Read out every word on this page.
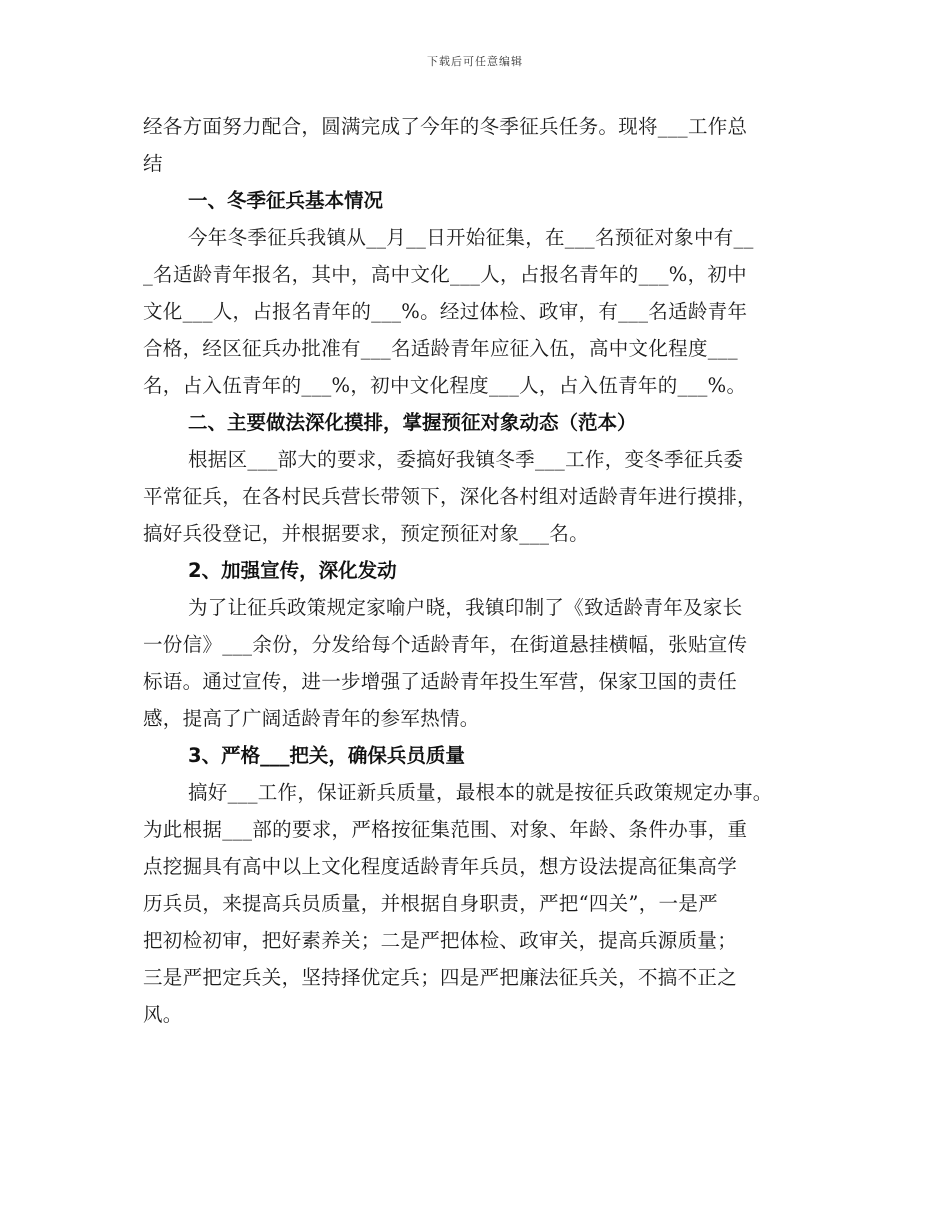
下载后可任意编辑
经各方面努力配合，圆满完成了今年的冬季征兵任务。现将___工作总
结
一、冬季征兵基本情况
今年冬季征兵我镇从__月__日开始征集，在___名预征对象中有__
_名适龄青年报名，其中，高中文化___人，占报名青年的___%，初中
文化___人，占报名青年的___%。经过体检、政审，有___名适龄青年
合格，经区征兵办批准有___名适龄青年应征入伍，高中文化程度___
名，占入伍青年的___%，初中文化程度___人，占入伍青年的___%。
二、主要做法深化摸排，掌握预征对象动态（范本）
根据区___部大的要求，委搞好我镇冬季___工作，变冬季征兵委
平常征兵，在各村民兵营长带领下，深化各村组对适龄青年进行摸排，
搞好兵役登记，并根据要求，预定预征对象___名。
2、加强宣传，深化发动
为了让征兵政策规定家喻户晓，我镇印制了《致适龄青年及家长
一份信》___余份，分发给每个适龄青年，在街道悬挂横幅，张贴宣传
标语。通过宣传，进一步增强了适龄青年投生军营，保家卫国的责任
感，提高了广阔适龄青年的参军热情。
3、严格___把关，确保兵员质量
搞好___工作，保证新兵质量，最根本的就是按征兵政策规定办事。
为此根据___部的要求，严格按征集范围、对象、年龄、条件办事，重
点挖掘具有高中以上文化程度适龄青年兵员，想方设法提高征集高学
历兵员，来提高兵员质量，并根据自身职责，严把“四关”，一是严
把初检初审，把好素养关；二是严把体检、政审关，提高兵源质量；
三是严把定兵关，坚持择优定兵；四是严把廉法征兵关，不搞不正之
风。
